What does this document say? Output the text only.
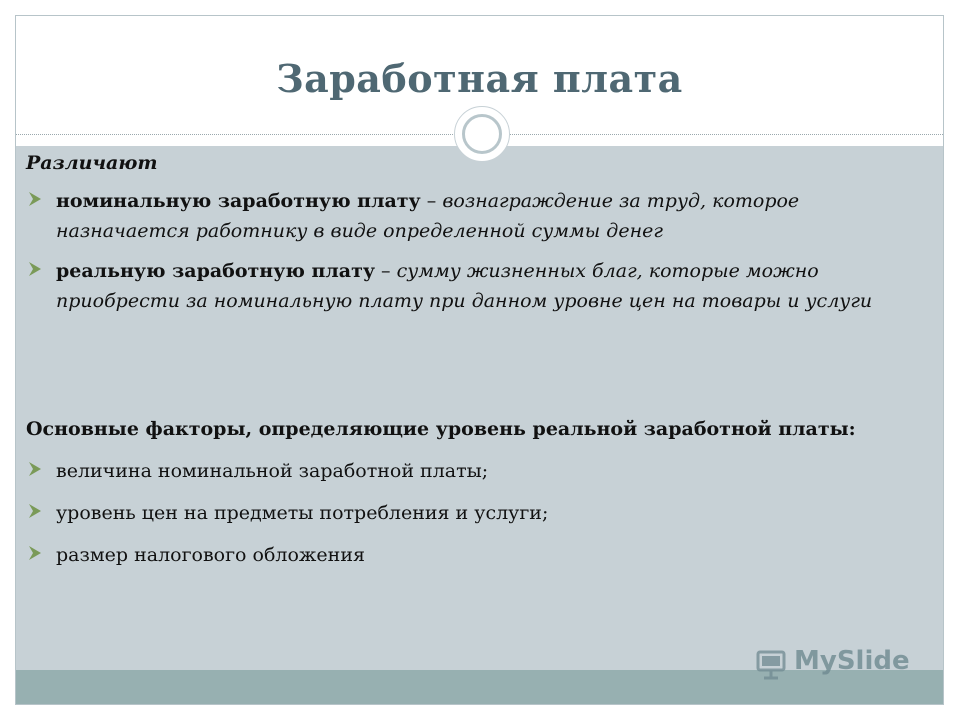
Заработная плата

Различают

номинальную заработную плату – вознаграждение за труд, которое назначается работнику в виде определенной суммы денег

реальную заработную плату – сумму жизненных благ, которые можно приобрести за номинальную плату при данном уровне цен на товары и услуги

Основные факторы, определяющие уровень реальной заработной платы:

величина номинальной заработной платы;

уровень цен на предметы потребления и услуги;

размер налогового обложения

MySlide
